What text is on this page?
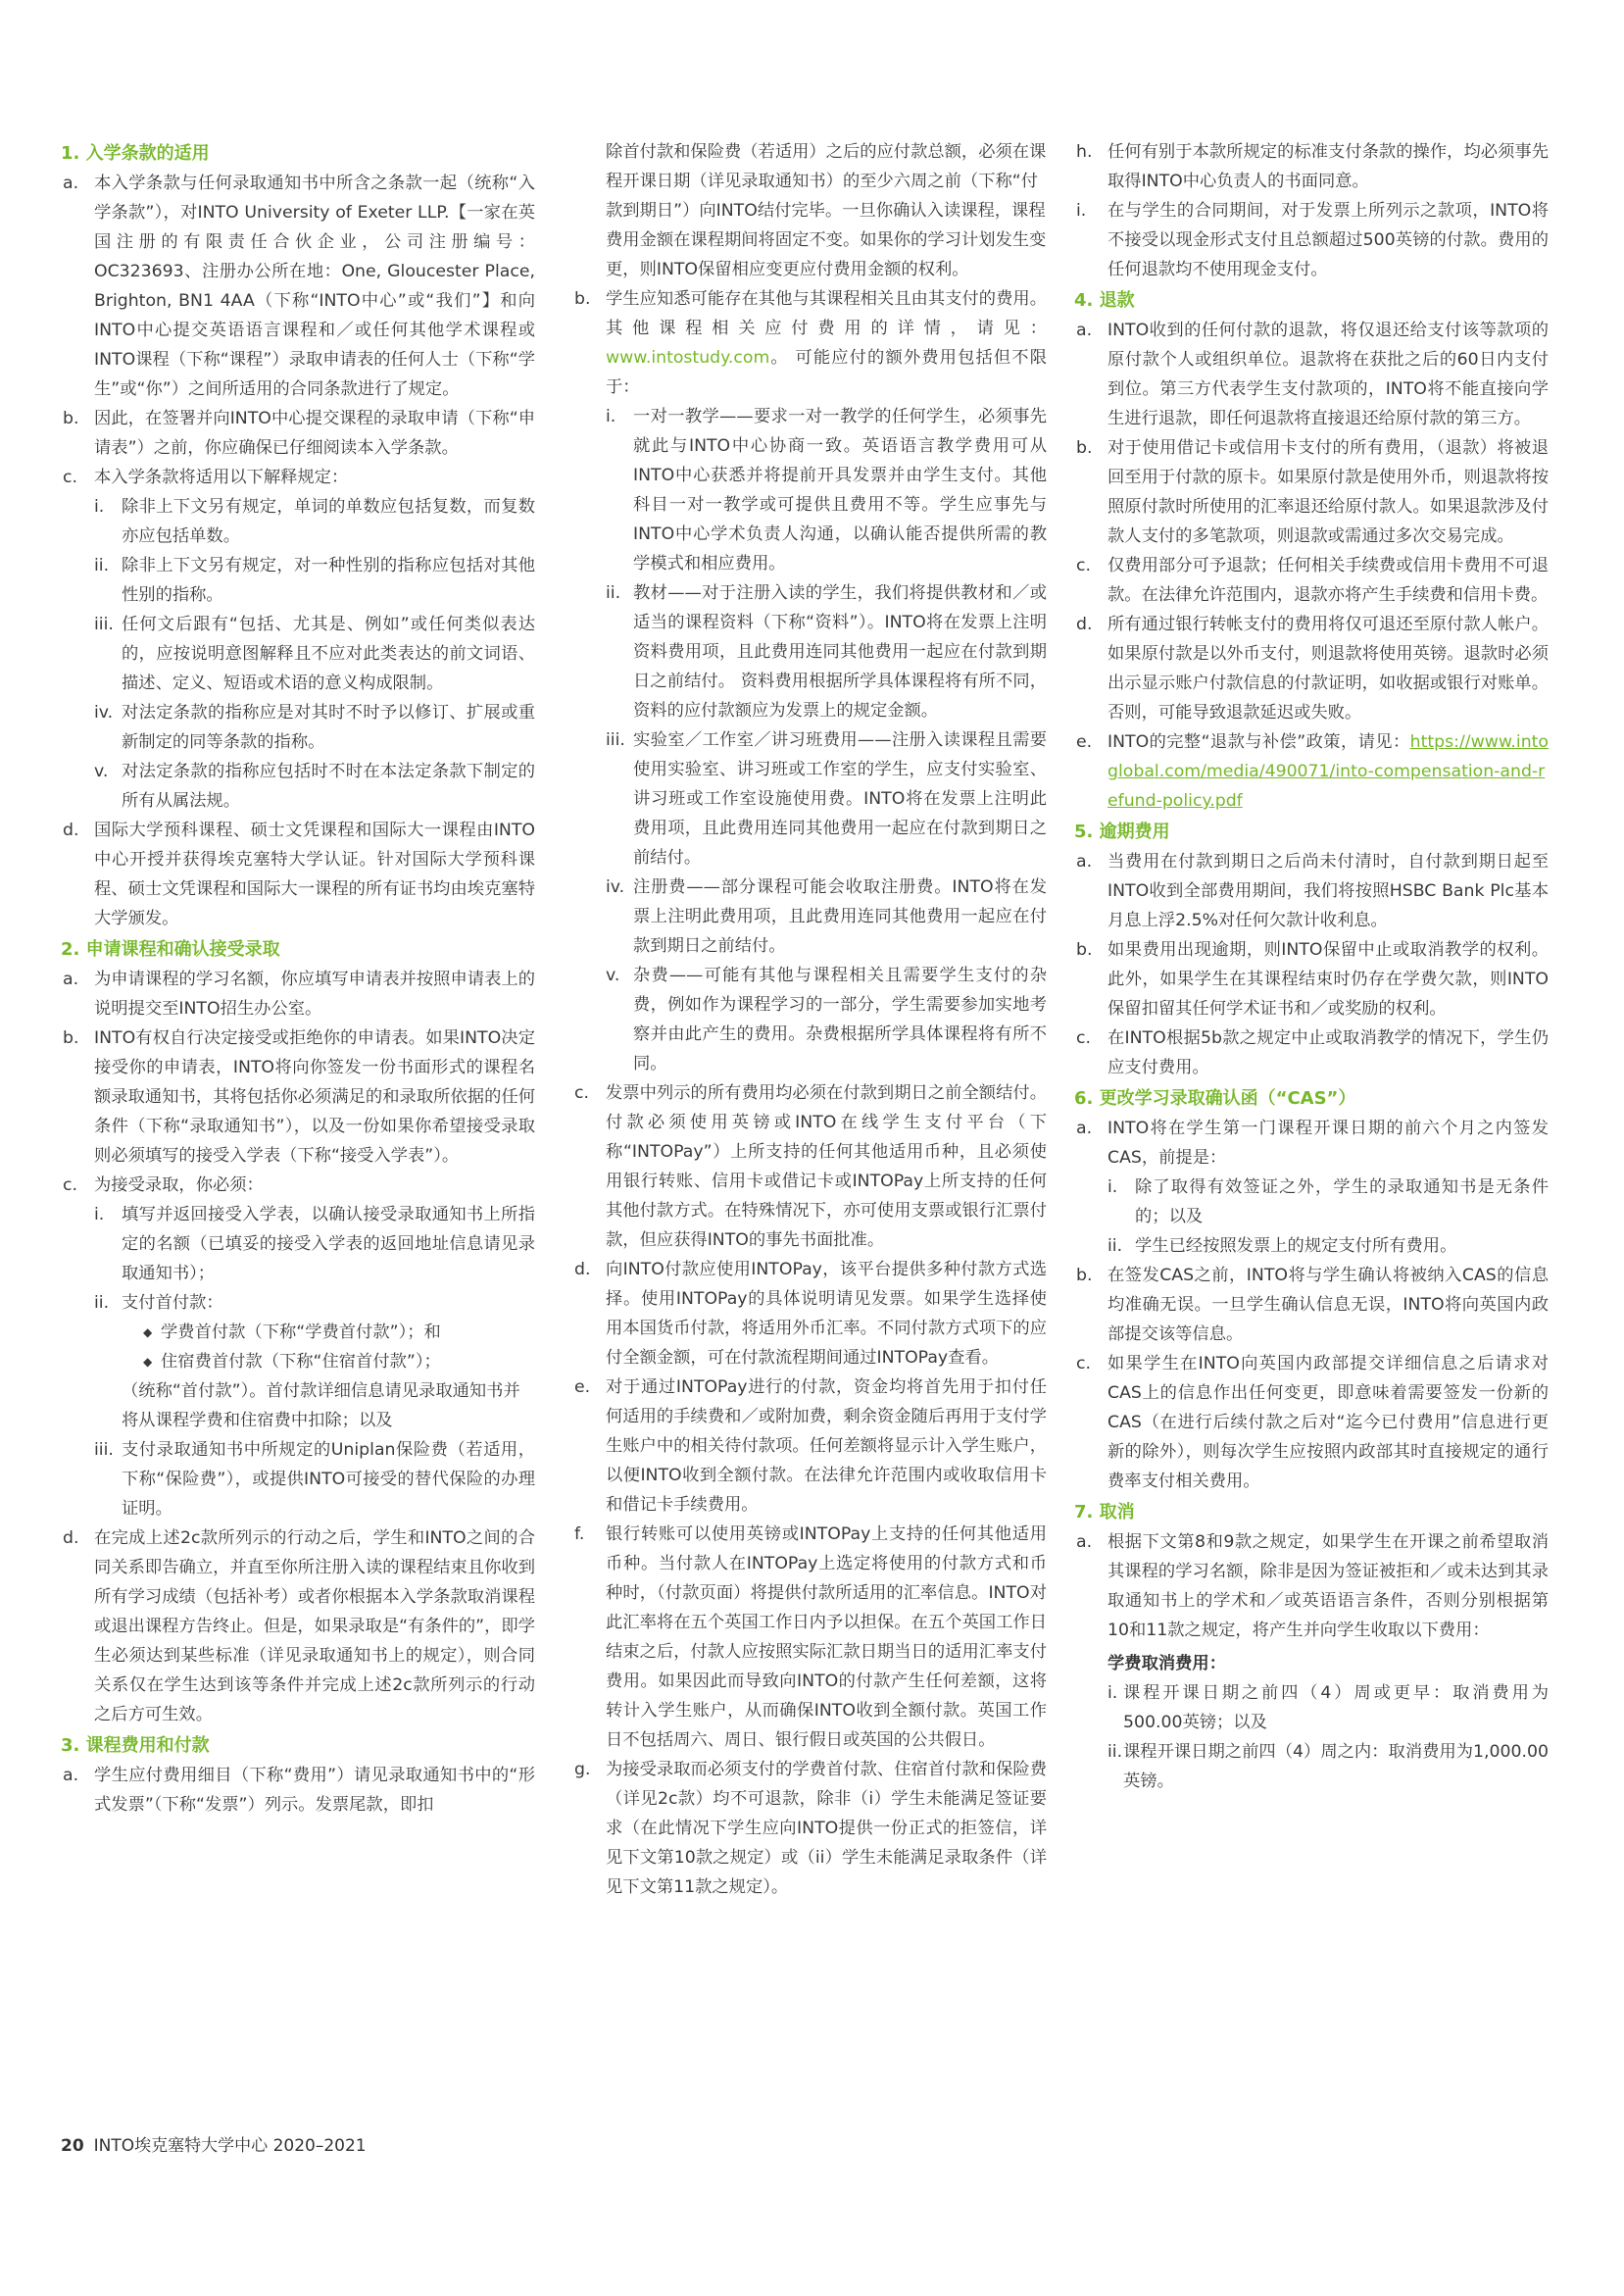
1. 入学条款的适用

a. 本入学条款与任何录取通知书中所含之条款一起（统称“入学条款”），对INTO University of Exeter LLP.【一家在英国注册的有限责任合伙企业，公司注册编号：OC323693、注册办公所在地：One, Gloucester Place, Brighton, BN1 4AA（下称“INTO中心”或“我们”】和向INTO中心提交英语语言课程和／或任何其他学术课程或INTO课程（下称“课程”）录取申请表的任何人士（下称“学生”或“你”）之间所适用的合同条款进行了规定。

b. 因此，在签署并向INTO中心提交课程的录取申请（下称“申请表”）之前，你应确保已仔细阅读本入学条款。

c. 本入学条款将适用以下解释规定：

i.	除非上下文另有规定，单词的单数应包括复数，而复数亦应包括单数。

ii. 除非上下文另有规定，对一种性别的指称应包括对其他性别的指称。

iii. 任何文后跟有“包括、尤其是、例如”或任何类似表达的，应按说明意图解释且不应对此类表达的前文词语、描述、定义、短语或术语的意义构成限制。

iv. 对法定条款的指称应是对其时不时予以修订、扩展或重新制定的同等条款的指称。

v. 对法定条款的指称应包括时不时在本法定条款下制定的所有从属法规。

d. 国际大学预科课程、硕士文凭课程和国际大一课程由INTO中心开授并获得埃克塞特大学认证。针对国际大学预科课程、硕士文凭课程和国际大一课程的所有证书均由埃克塞特大学颁发。

2. 申请课程和确认接受录取

a. 为申请课程的学习名额，你应填写申请表并按照申请表上的说明提交至INTO招生办公室。

b. INTO有权自行决定接受或拒绝你的申请表。如果INTO决定接受你的申请表，INTO将向你签发一份书面形式的课程名额录取通知书，其将包括你必须满足的和录取所依据的任何条件（下称“录取通知书”），以及一份如果你希望接受录取则必须填写的接受入学表（下称“接受入学表”）。

c. 为接受录取，你必须：

i.	填写并返回接受入学表，以确认接受录取通知书上所指定的名额（已填妥的接受入学表的返回地址信息请见录取通知书）；

ii. 支付首付款：

◆ 学费首付款（下称“学费首付款”）；和

◆ 住宿费首付款（下称“住宿首付款”）；

（统称“首付款”）。首付款详细信息请见录取通知书并将从课程学费和住宿费中扣除；以及

iii. 支付录取通知书中所规定的Uniplan保险费（若适用，下称“保险费”），或提供INTO可接受的替代保险的办理证明。

d. 在完成上述2c款所列示的行动之后，学生和INTO之间的合同关系即告确立，并直至你所注册入读的课程结束且你收到所有学习成绩（包括补考）或者你根据本入学条款取消课程或退出课程方告终止。但是，如果录取是“有条件的”，即学生必须达到某些标准（详见录取通知书上的规定），则合同关系仅在学生达到该等条件并完成上述2c款所列示的行动之后方可生效。

3. 课程费用和付款

a. 学生应付费用细目（下称“费用”）请见录取通知书中的“形式发票”（下称“发票”）列示。发票尾款，即扣

除首付款和保险费（若适用）之后的应付款总额，必须在课程开课日期（详见录取通知书）的至少六周之前（下称“付款到期日”）向INTO结付完毕。一旦你确认入读课程，课程费用金额在课程期间将固定不变。如果你的学习计划发生变更，则INTO保留相应变更应付费用金额的权利。

b. 学生应知悉可能存在其他与其课程相关且由其支付的费用。其他课程相关应付费用的详情，请见：www.intostudy.com。 可能应付的额外费用包括但不限于：

i.	一对一教学——要求一对一教学的任何学生，必须事先就此与INTO中心协商一致。英语语言教学费用可从INTO中心获悉并将提前开具发票并由学生支付。其他科目一对一教学或可提供且费用不等。学生应事先与INTO中心学术负责人沟通，以确认能否提供所需的教学模式和相应费用。

ii. 教材——对于注册入读的学生，我们将提供教材和／或适当的课程资料（下称“资料”）。INTO将在发票上注明资料费用项，且此费用连同其他费用一起应在付款到期日之前结付。 资料费用根据所学具体课程将有所不同，资料的应付款额应为发票上的规定金额。

iii. 实验室／工作室／讲习班费用——注册入读课程且需要使用实验室、讲习班或工作室的学生，应支付实验室、讲习班或工作室设施使用费。INTO将在发票上注明此费用项，且此费用连同其他费用一起应在付款到期日之前结付。

iv. 注册费——部分课程可能会收取注册费。INTO将在发票上注明此费用项，且此费用连同其他费用一起应在付款到期日之前结付。

v. 杂费——可能有其他与课程相关且需要学生支付的杂费，例如作为课程学习的一部分，学生需要参加实地考察并由此产生的费用。杂费根据所学具体课程将有所不同。

c. 发票中列示的所有费用均必须在付款到期日之前全额结付。付款必须使用英镑或INTO在线学生支付平台（下称“INTOPay”）上所支持的任何其他适用币种，且必须使用银行转账、信用卡或借记卡或INTOPay上所支持的任何其他付款方式。在特殊情况下，亦可使用支票或银行汇票付款，但应获得INTO的事先书面批准。

d. 向INTO付款应使用INTOPay，该平台提供多种付款方式选择。使用INTOPay的具体说明请见发票。如果学生选择使用本国货币付款，将适用外币汇率。不同付款方式项下的应付全额金额，可在付款流程期间通过INTOPay查看。

e. 对于通过INTOPay进行的付款，资金均将首先用于扣付任何适用的手续费和／或附加费，剩余资金随后再用于支付学生账户中的相关待付款项。任何差额将显示计入学生账户，以便INTO收到全额付款。在法律允许范围内或收取信用卡和借记卡手续费用。

f.	银行转账可以使用英镑或INTOPay上支持的任何其他适用币种。当付款人在INTOPay上选定将使用的付款方式和币种时，（付款页面）将提供付款所适用的汇率信息。INTO对此汇率将在五个英国工作日内予以担保。在五个英国工作日结束之后，付款人应按照实际汇款日期当日的适用汇率支付费用。如果因此而导致向INTO的付款产生任何差额，这将转计入学生账户，从而确保INTO收到全额付款。英国工作日不包括周六、周日、银行假日或英国的公共假日。

g. 为接受录取而必须支付的学费首付款、住宿首付款和保险费（详见2c款）均不可退款，除非（i）学生未能满足签证要求（在此情况下学生应向INTO提供一份正式的拒签信，详见下文第10款之规定）或（ii）学生未能满足录取条件（详见下文第11款之规定）。

h. 任何有别于本款所规定的标准支付条款的操作，均必须事先取得INTO中心负责人的书面同意。

i.	在与学生的合同期间，对于发票上所列示之款项，INTO将不接受以现金形式支付且总额超过500英镑的付款。费用的任何退款均不使用现金支付。

4. 退款

a. INTO收到的任何付款的退款，将仅退还给支付该等款项的原付款个人或组织单位。退款将在获批之后的60日内支付到位。第三方代表学生支付款项的，INTO将不能直接向学生进行退款，即任何退款将直接退还给原付款的第三方。

b. 对于使用借记卡或信用卡支付的所有费用，（退款）将被退回至用于付款的原卡。如果原付款是使用外币，则退款将按照原付款时所使用的汇率退还给原付款人。如果退款涉及付款人支付的多笔款项，则退款或需通过多次交易完成。

c. 仅费用部分可予退款；任何相关手续费或信用卡费用不可退款。在法律允许范围内，退款亦将产生手续费和信用卡费。

d. 所有通过银行转帐支付的费用将仅可退还至原付款人帐户。如果原付款是以外币支付，则退款将使用英镑。退款时必须出示显示账户付款信息的付款证明，如收据或银行对账单。否则，可能导致退款延迟或失败。

e. INTO的完整“退款与补偿”政策，请见：https://www.intoglobal.com/media/490071/into-compensation-and-refund-policy.pdf

5. 逾期费用

a. 当费用在付款到期日之后尚未付清时，自付款到期日起至INTO收到全部费用期间，我们将按照HSBC Bank Plc基本月息上浮2.5%对任何欠款计收利息。

b. 如果费用出现逾期，则INTO保留中止或取消教学的权利。此外，如果学生在其课程结束时仍存在学费欠款，则INTO保留扣留其任何学术证书和／或奖励的权利。

c. 在INTO根据5b款之规定中止或取消教学的情况下，学生仍应支付费用。

6. 更改学习录取确认函（“CAS”）

a. INTO将在学生第一门课程开课日期的前六个月之内签发CAS，前提是：

i.	除了取得有效签证之外，学生的录取通知书是无条件的；以及

ii. 学生已经按照发票上的规定支付所有费用。

b. 在签发CAS之前，INTO将与学生确认将被纳入CAS的信息均准确无误。一旦学生确认信息无误，INTO将向英国内政部提交该等信息。

c. 如果学生在INTO向英国内政部提交详细信息之后请求对CAS上的信息作出任何变更，即意味着需要签发一份新的CAS（在进行后续付款之后对“迄今已付费用”信息进行更新的除外），则每次学生应按照内政部其时直接规定的通行费率支付相关费用。

7. 取消

a. 根据下文第8和9款之规定，如果学生在开课之前希望取消其课程的学习名额，除非是因为签证被拒和／或未达到其录取通知书上的学术和／或英语语言条件，否则分别根据第10和11款之规定，将产生并向学生收取以下费用：

学费取消费用：

i. 课程开课日期之前四（4）周或更早：取消费用为500.00英镑；以及

ii. 课程开课日期之前四（4）周之内：取消费用为1,000.00英镑。

20 INTO埃克塞特大学中心 2020–2021
